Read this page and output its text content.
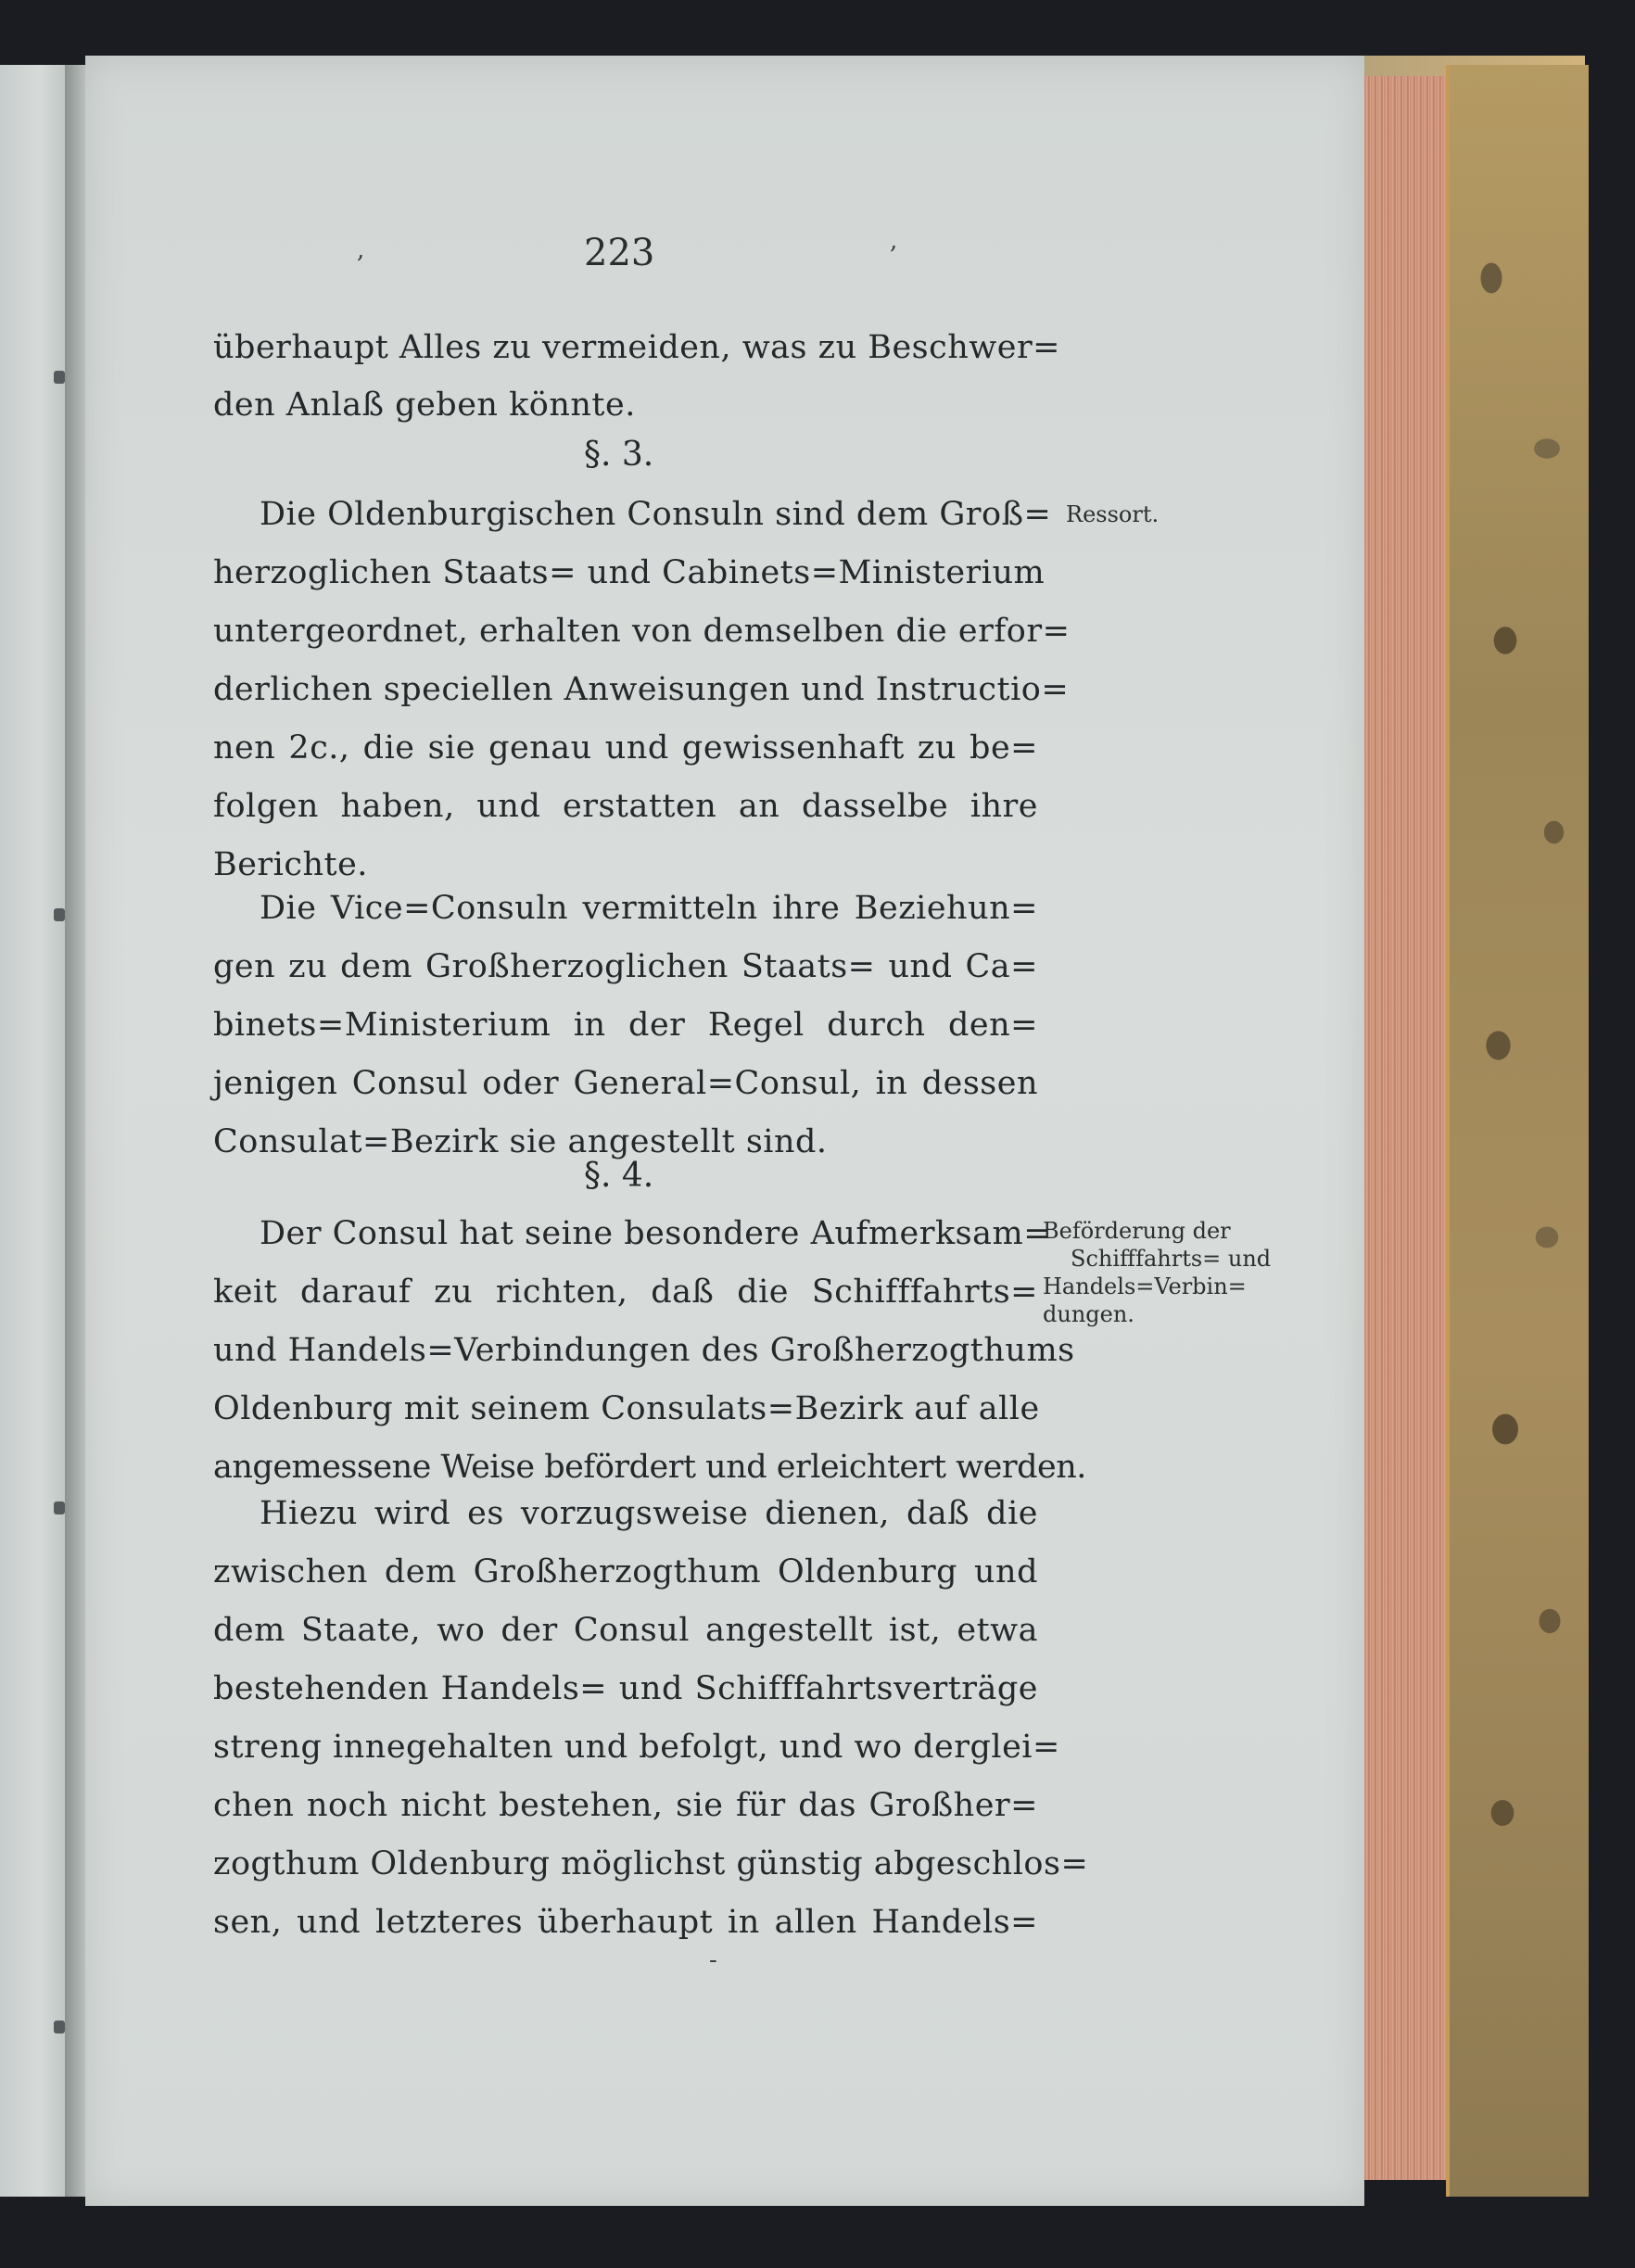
223
überhaupt Alles zu vermeiden, was zu Beschwer=
den Anlaß geben könnte.
§. 3.
Ressort.
Die Oldenburgischen Consuln sind dem Groß=
herzoglichen Staats= und Cabinets=Ministerium
untergeordnet, erhalten von demselben die erfor=
derlichen speciellen Anweisungen und Instructio=
nen 2c., die sie genau und gewissenhaft zu be=
folgen haben, und erstatten an dasselbe ihre
Berichte.
Die Vice=Consuln vermitteln ihre Beziehun=
gen zu dem Großherzoglichen Staats= und Ca=
binets=Ministerium in der Regel durch den=
jenigen Consul oder General=Consul, in dessen
Consulat=Bezirk sie angestellt sind.
§. 4.
Beförderung der
Schifffahrts= und
Handels=Verbin=
dungen.
Der Consul hat seine besondere Aufmerksam=
keit darauf zu richten, daß die Schifffahrts=
und Handels=Verbindungen des Großherzogthums
Oldenburg mit seinem Consulats=Bezirk auf alle
angemessene Weise befördert und erleichtert werden.
Hiezu wird es vorzugsweise dienen, daß die
zwischen dem Großherzogthum Oldenburg und
dem Staate, wo der Consul angestellt ist, etwa
bestehenden Handels= und Schifffahrtsverträge
streng innegehalten und befolgt, und wo derglei=
chen noch nicht bestehen, sie für das Großher=
zogthum Oldenburg möglichst günstig abgeschlos=
sen, und letzteres überhaupt in allen Handels=
,	,
-
